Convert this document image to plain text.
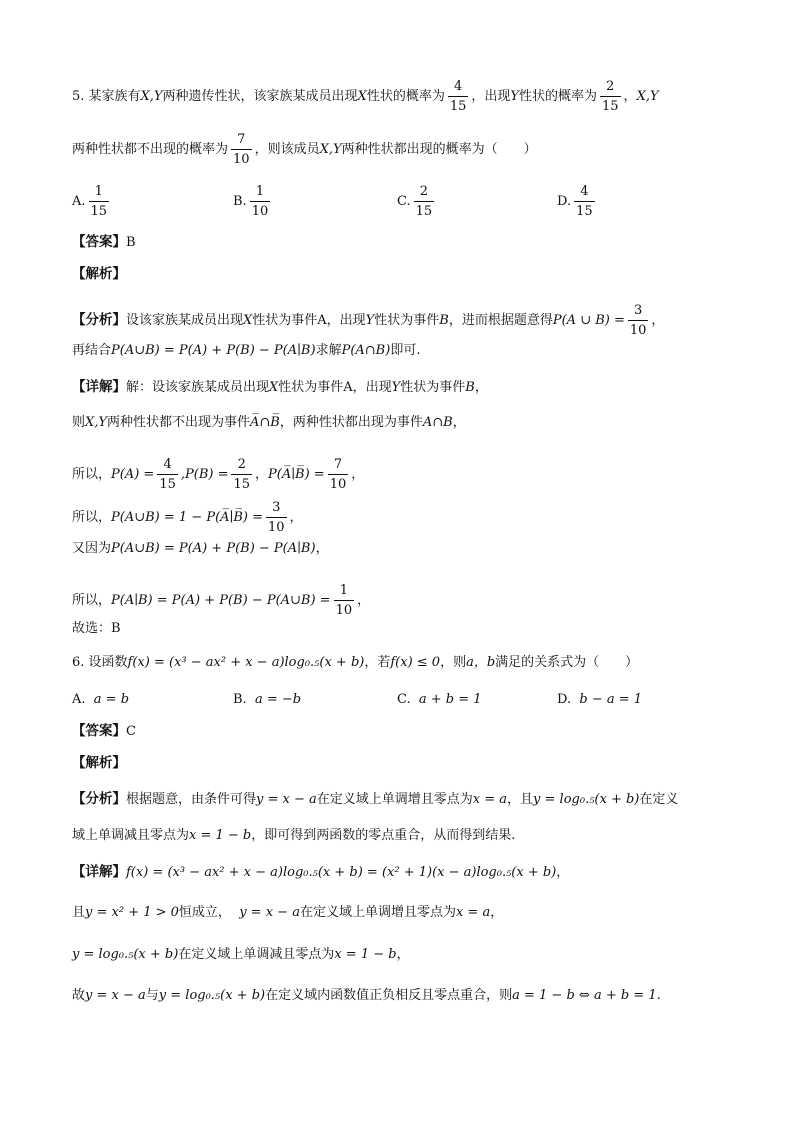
5. 某家族有X,Y两种遗传性状，该家族某成员出现X性状的概率为 $\frac{4}{15}$ ，出现Y性状的概率为 $\frac{2}{15}$ ，X,Y
两种性状都不出现的概率为 $\frac{7}{10}$ ，则该成员X,Y两种性状都出现的概率为（　　）
A. $\frac{1}{15}$	B. $\frac{1}{10}$	C. $\frac{2}{15}$	D. $\frac{4}{15}$
【答案】B
【解析】
【分析】设该家族某成员出现X性状为事件A，出现Y性状为事件B，进而根据题意得P(A ∪ $B) = \frac{3}{10}$ ，
再结合P(A∪B) = P(A) + P(B) − P(A∣B)求解P(A∩B)即可.
【详解】解：设该家族某成员出现X性状为事件A，出现Y性状为事件B，
则X,Y两种性状都不出现为事件A̅∩B̅，两种性状都出现为事件A∩B，
所以，$P(A) = \frac{4}{15} ,P(B) = \frac{2}{15}$ ，P(A̅∣B̅) = $\frac{7}{10}$ ，
所以，P(A∪B) = 1 − P(A̅∣B̅) = $\frac{3}{10}$ ，
又因为P(A∪B) = P(A) + P(B) − P(A∣B)，
所以，P(A∣B) = P(A) + P(B) − P(A∪B) = $\frac{1}{10}$ ，
故选：B
6. 设函数f(x) = (x³ − ax² + x − a)log₀.₅(x + b)，若f(x) ≤ 0，则a，b满足的关系式为（　　）
A. a = b	B. a = −b	C. a + b = 1	D. b − a = 1
【答案】C
【解析】
【分析】根据题意，由条件可得y = x − a在定义域上单调增且零点为x = a，且y = log₀.₅(x + b)在定义
域上单调减且零点为x = 1 − b，即可得到两函数的零点重合，从而得到结果.
【详解】f(x) = (x³ − ax² + x − a)log₀.₅(x + b) = (x² + 1)(x − a)log₀.₅(x + b)，
且y = x² + 1 > 0恒成立， y = x − a在定义域上单调增且零点为x = a，
y = log₀.₅(x + b)在定义域上单调减且零点为x = 1 − b，
故y = x − a与y = log₀.₅(x + b)在定义域内函数值正负相反且零点重合，则a = 1 − b ⇔ a + b = 1.
